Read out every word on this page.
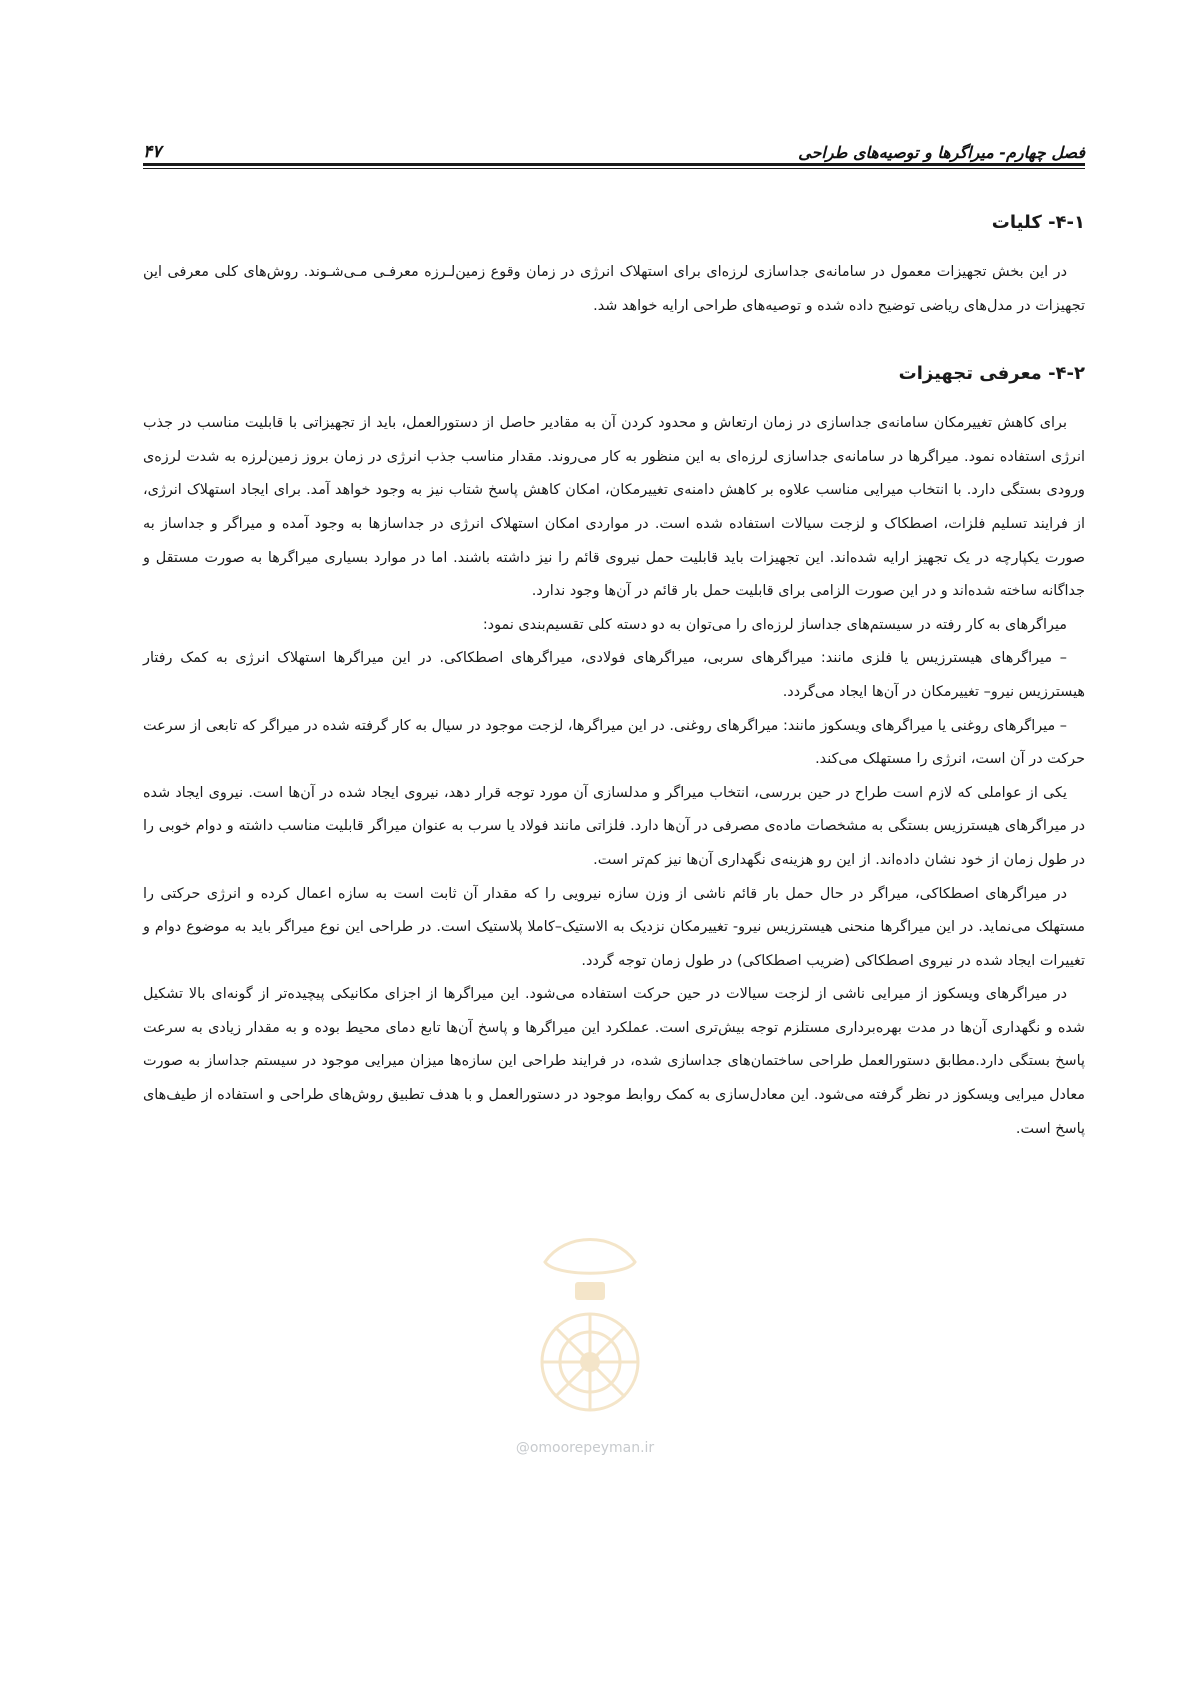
فصل چهارم- میراگرها و توصیه‌های طراحی
۴۷
۴-۱- کلیات

در این بخش تجهیزات معمول در سامانه‌ی جداسازی لرزه‌ای برای استهلاک انرژی در زمان وقوع زمین‌لـرزه معرفـی مـی‌شـوند. روش‌های کلی معرفی این تجهیزات در مدل‌های ریاضی توضیح داده شده و توصیه‌های طراحی ارایه خواهد شد.

۴-۲- معرفی تجهیزات

برای کاهش تغییرمکان سامانه‌ی جداسازی در زمان ارتعاش و محدود کردن آن به مقادیر حاصل از دستورالعمل، باید از تجهیزاتی با قابلیت مناسب در جذب انرژی استفاده نمود. میراگرها در سامانه‌ی جداسازی لرزه‌ای به این منظور به کار می‌روند. مقدار مناسب جذب انرژی در زمان بروز زمین‌لرزه به شدت لرزه‌ی ورودی بستگی دارد. با انتخاب میرایی مناسب علاوه بر کاهش دامنه‌ی تغییرمکان، امکان کاهش پاسخ شتاب نیز به وجود خواهد آمد. برای ایجاد استهلاک انرژی، از فرایند تسلیم فلزات، اصطکاک و لزجت سیالات استفاده شده است. در مواردی امکان استهلاک انرژی در جداسازها به وجود آمده و میراگر و جداساز به صورت یکپارچه در یک تجهیز ارایه شده‌اند. این تجهیزات باید قابلیت حمل نیروی قائم را نیز داشته باشند. اما در موارد بسیاری میراگرها به صورت مستقل و جداگانه ساخته شده‌اند و در این صورت الزامی برای قابلیت حمل بار قائم در آن‌ها وجود ندارد.

میراگرهای به کار رفته در سیستم‌های جداساز لرزه‌ای را می‌توان به دو دسته کلی تقسیم‌بندی نمود:

– میراگرهای هیسترزیس یا فلزی مانند: میراگرهای سربی، میراگرهای فولادی، میراگرهای اصطکاکی. در این میراگرها استهلاک انرژی به کمک رفتار هیسترزیس نیرو– تغییرمکان در آن‌ها ایجاد می‌گردد.

– میراگرهای روغنی یا میراگرهای ویسکوز مانند: میراگرهای روغنی. در این میراگرها، لزجت موجود در سیال به کار گرفته شده در میراگر که تابعی از سرعت حرکت در آن است، انرژی را مستهلک می‌کند.

یکی از عواملی که لازم است طراح در حین بررسی، انتخاب میراگر و مدلسازی آن مورد توجه قرار دهد، نیروی ایجاد شده در آن‌ها است. نیروی ایجاد شده در میراگرهای هیسترزیس بستگی به مشخصات ماده‌ی مصرفی در آن‌ها دارد. فلزاتی مانند فولاد یا سرب به عنوان میراگر قابلیت مناسب داشته و دوام خوبی را در طول زمان از خود نشان داده‌اند. از این رو هزینه‌ی نگهداری آن‌ها نیز کم‌تر است.

در میراگرهای اصطکاکی، میراگر در حال حمل بار قائم ناشی از وزن سازه نیرویی را که مقدار آن ثابت است به سازه اعمال کرده و انرژی حرکتی را مستهلک می‌نماید. در این میراگرها منحنی هیسترزیس نیرو- تغییرمکان نزدیک به الاستیک–کاملا پلاستیک است. در طراحی این نوع میراگر باید به موضوع دوام و تغییرات ایجاد شده در نیروی اصطکاکی (ضریب اصطکاکی) در طول زمان توجه گردد.

در میراگرهای ویسکوز از میرایی ناشی از لزجت سیالات در حین حرکت استفاده می‌شود. این میراگرها از اجزای مکانیکی پیچیده‌تر از گونه‌ای بالا تشکیل شده و نگهداری آن‌ها در مدت بهره‌برداری مستلزم توجه بیش‌تری است. عملکرد این میراگرها و پاسخ آن‌ها تابع دمای محیط بوده و به مقدار زیادی به سرعت پاسخ بستگی دارد.مطابق دستورالعمل طراحی ساختمان‌های جداسازی شده، در فرایند طراحی این سازه‌ها میزان میرایی موجود در سیستم جداساز به صورت معادل میرایی ویسکوز در نظر گرفته می‌شود. این معادل‌سازی به کمک روابط موجود در دستورالعمل و با هدف تطبیق روش‌های طراحی و استفاده از طیف‌های پاسخ است.

@omoorepeyman.ir
